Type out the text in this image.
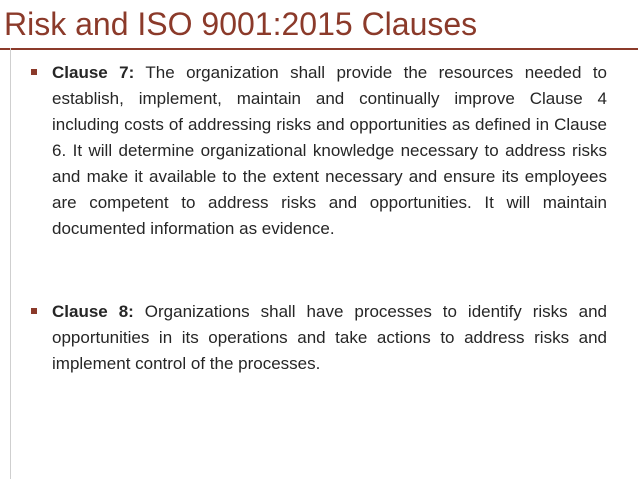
Risk and ISO 9001:2015 Clauses
Clause 7: The organization shall provide the resources needed to establish, implement, maintain and continually improve Clause 4 including costs of addressing risks and opportunities as defined in Clause 6. It will determine organizational knowledge necessary to address risks and make it available to the extent necessary and ensure its employees are competent to address risks and opportunities. It will maintain documented information as evidence.
Clause 8: Organizations shall have processes to identify risks and opportunities in its operations and take actions to address risks and implement control of the processes.
